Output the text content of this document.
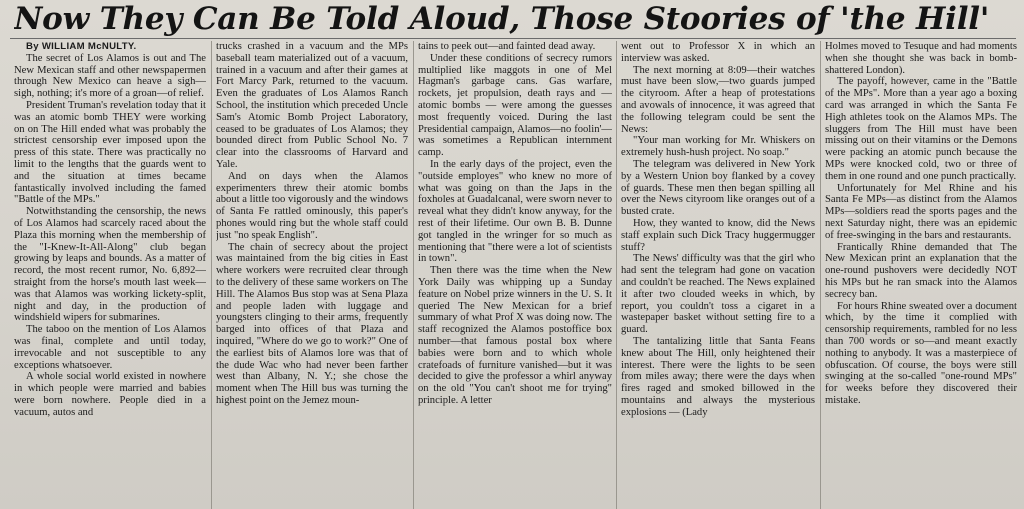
Now They Can Be Told Aloud, Those Stoories of 'the Hill'

By WILLIAM McNULTY.

The secret of Los Alamos is out and The New Mexican staff and other newspapermen through New Mexico can heave a sigh—sigh, nothing; it's more of a groan—of relief.

President Truman's revelation today that it was an atomic bomb THEY were working on on The Hill ended what was probably the strictest censorship ever imposed upon the press of this state. There was practically no limit to the lengths that the guards went to and the situation at times became fantastically involved including the famed "Battle of the MPs."

Notwithstanding the censorship, the news of Los Alamos had scarcely raced about the Plaza this morning when the membership of the "I-Knew-It-All-Along" club began growing by leaps and bounds. As a matter of record, the most recent rumor, No. 6,892—straight from the horse's mouth last week—was that Alamos was working lickety-split, night and day, in the production of windshield wipers for submarines.

The taboo on the mention of Los Alamos was final, complete and until today, irrevocable and not susceptible to any exceptions whatsoever.

A whole social world existed in nowhere in which people were married and babies were born nowhere. People died in a vacuum, autos and

trucks crashed in a vacuum and the MPs baseball team materialized out of a vacuum, trained in a vacuum and after their games at Fort Marcy Park, returned to the vacuum. Even the graduates of Los Alamos Ranch School, the institution which preceded Uncle Sam's Atomic Bomb Project Laboratory, ceased to be graduates of Los Alamos; they bounded direct from Public School No. 7 clear into the classrooms of Harvard and Yale.

And on days when the Alamos experimenters threw their atomic bombs about a little too vigorously and the windows of Santa Fe rattled ominously, this paper's phones would ring but the whole staff could just "no speak English".

The chain of secrecy about the project was maintained from the big cities in East where workers were recruited clear through to the delivery of these same workers on The Hill. The Alamos Bus stop was at Sena Plaza and people laden with luggage and youngsters clinging to their arms, frequently barged into offices of that Plaza and inquired, "Where do we go to work?" One of the earliest bits of Alamos lore was that of the dude Wac who had never been farther west than Albany, N. Y.; she chose the moment when The Hill bus was turning the highest point on the Jemez moun-

tains to peek out—and fainted dead away.

Under these conditions of secrecy rumors multiplied like maggots in one of Mel Hagman's garbage cans. Gas warfare, rockets, jet propulsion, death rays and — atomic bombs — were among the guesses most frequently voiced. During the last Presidential campaign, Alamos—no foolin'—was sometimes a Republican internment camp.

In the early days of the project, even the "outside employes" who knew no more of what was going on than the Japs in the foxholes at Guadalcanal, were sworn never to reveal what they didn't know anyway, for the rest of their lifetime. Our own B. B. Dunne got tangled in the wringer for so much as mentioning that "there were a lot of scientists in town".

Then there was the time when the New York Daily was whipping up a Sunday feature on Nobel prize winners in the U. S. It queried The New Mexican for a brief summary of what Prof X was doing now. The staff recognized the Alamos postoffice box number—that famous postal box where babies were born and to which whole cratefoads of furniture vanished—but it was decided to give the professor a whirl anyway on the old "You can't shoot me for trying" principle. A letter

went out to Professor X in which an interview was asked.

The next morning at 8:09—their watches must have been slow,—two guards jumped the cityroom. After a heap of protestations and avowals of innocence, it was agreed that the following telegram could be sent the News:

"Your man working for Mr. Whiskers on extremely hush-hush project. No soap."

The telegram was delivered in New York by a Western Union boy flanked by a covey of guards. These men then began spilling all over the News cityroom like oranges out of a busted crate.

How, they wanted to know, did the News staff explain such Dick Tracy huggermugger stuff?

The News' difficulty was that the girl who had sent the telegram had gone on vacation and couldn't be reached. The News explained it after two clouded weeks in which, by report, you couldn't toss a cigaret in a wastepaper basket without setting fire to a guard.

The tantalizing little that Santa Feans knew about The Hill, only heightened their interest. There were the lights to be seen from miles away; there were the days when fires raged and smoked billowed in the mountains and always the mysterious explosions — (Lady

Holmes moved to Tesuque and had moments when she thought she was back in bomb-shattered London).

The payoff, however, came in the "Battle of the MPs". More than a year ago a boxing card was arranged in which the Santa Fe High athletes took on the Alamos MPs. The sluggers from The Hill must have been missing out on their vitamins or the Demons were packing an atomic punch because the MPs were knocked cold, two or three of them in one round and one punch practically.

Unfortunately for Mel Rhine and his Santa Fe MPs—as distinct from the Alamos MPs—soldiers read the sports pages and the next Saturday night, there was an epidemic of free-swinging in the bars and restaurants.

Frantically Rhine demanded that The New Mexican print an explanation that the one-round pushovers were decidedly NOT his MPs but he ran smack into the Alamos secrecy ban.

For hours Rhine sweated over a document which, by the time it complied with censorship requirements, rambled for no less than 700 words or so—and meant exactly nothing to anybody. It was a masterpiece of obfuscation. Of course, the boys were still swinging at the so-called "one-round MPs" for weeks before they discovered their mistake.
